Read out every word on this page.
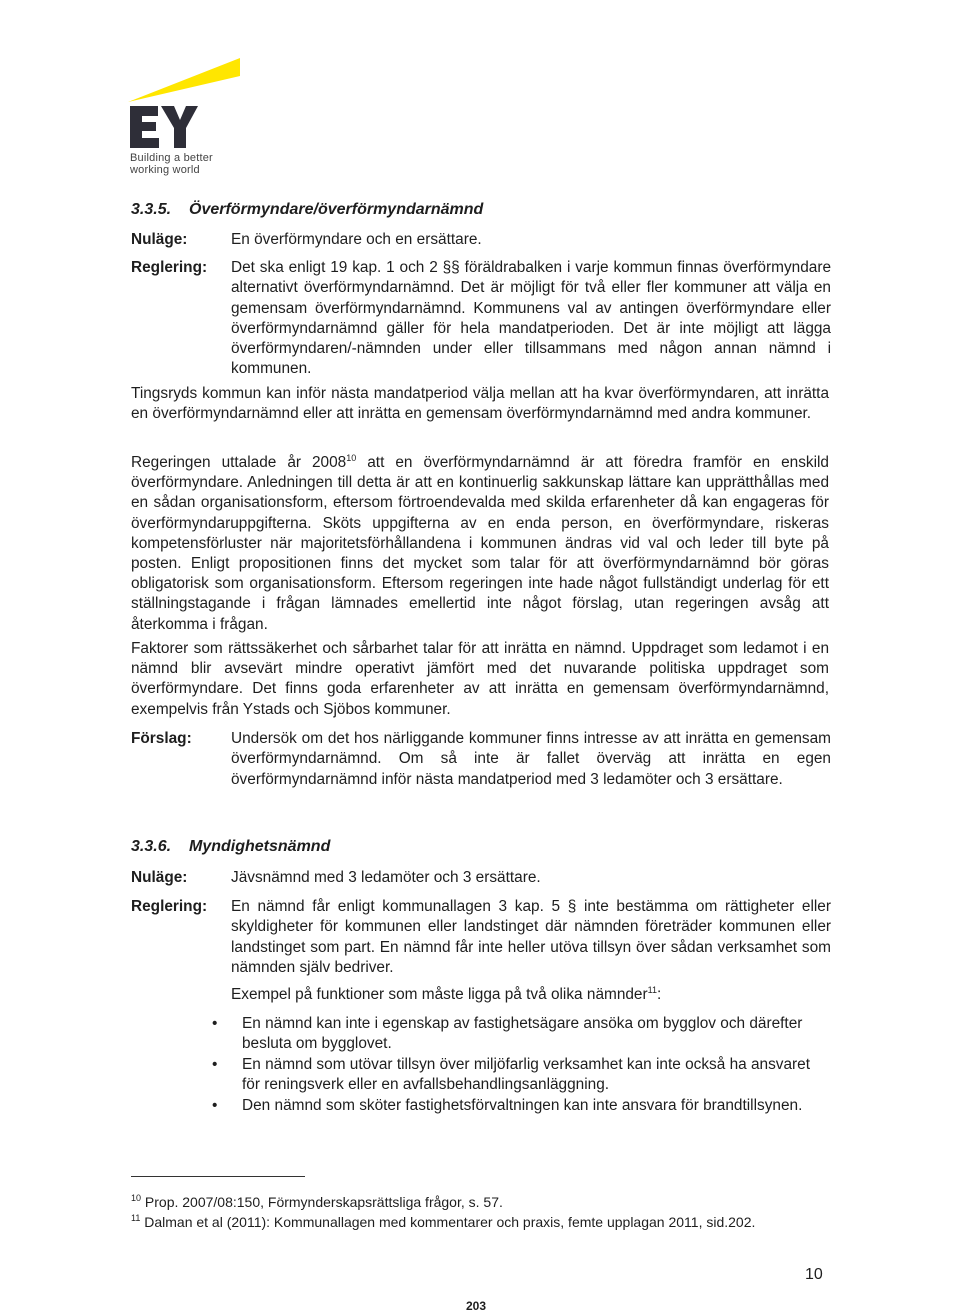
Building a better
working world
3.3.5. Överförmyndare/överförmyndarnämnd
Nuläge:	En överförmyndare och en ersättare.
Reglering: Det ska enligt 19 kap. 1 och 2 §§ föräldrabalken i varje kommun finnas överförmyndare alternativt överförmyndarnämnd. Det är möjligt för två eller fler kommuner att välja en gemensam överförmyndarnämnd. Kommunens val av antingen överförmyndare eller överförmyndarnämnd gäller för hela mandatperioden. Det är inte möjligt att lägga överförmyndaren/-nämnden under eller tillsammans med någon annan nämnd i kommunen.
Tingsryds kommun kan inför nästa mandatperiod välja mellan att ha kvar överförmyndaren, att inrätta en överförmyndarnämnd eller att inrätta en gemensam överförmyndarnämnd med andra kommuner.
Regeringen uttalade år 2008$^{10}$ att en överförmyndarnämnd är att föredra framför en enskild överförmyndare. Anledningen till detta är att en kontinuerlig sakkunskap lättare kan upprätthållas med en sådan organisationsform, eftersom förtroendevalda med skilda erfarenheter då kan engageras för överförmyndaruppgifterna. Sköts uppgifterna av en enda person, en överförmyndare, riskeras kompetensförluster när majoritetsförhållandena i kommunen ändras vid val och leder till byte på posten. Enligt propositionen finns det mycket som talar för att överförmyndarnämnd bör göras obligatorisk som organisationsform. Eftersom regeringen inte hade något fullständigt underlag för ett ställningstagande i frågan lämnades emellertid inte något förslag, utan regeringen avsåg att återkomma i frågan.
Faktorer som rättssäkerhet och sårbarhet talar för att inrätta en nämnd. Uppdraget som ledamot i en nämnd blir avsevärt mindre operativt jämfört med det nuvarande politiska uppdraget som överförmyndare. Det finns goda erfarenheter av att inrätta en gemensam överförmyndarnämnd, exempelvis från Ystads och Sjöbos kommuner.
Förslag:	Undersök om det hos närliggande kommuner finns intresse av att inrätta en gemensam överförmyndarnämnd. Om så inte är fallet överväg att inrätta en egen överförmyndarnämnd inför nästa mandatperiod med 3 ledamöter och 3 ersättare.
3.3.6. Myndighetsnämnd
Nuläge:	Jävsnämnd med 3 ledamöter och 3 ersättare.
Reglering: En nämnd får enligt kommunallagen 3 kap. 5 § inte bestämma om rättigheter eller skyldigheter för kommunen eller landstinget där nämnden företräder kommunen eller landstinget som part. En nämnd får inte heller utöva tillsyn över sådan verksamhet som nämnden själv bedriver.
Exempel på funktioner som måste ligga på två olika nämnder$^{11}$:
• En nämnd kan inte i egenskap av fastighetsägare ansöka om bygglov och därefter besluta om bygglovet.
• En nämnd som utövar tillsyn över miljöfarlig verksamhet kan inte också ha ansvaret för reningsverk eller en avfallsbehandlingsanläggning.
• Den nämnd som sköter fastighetsförvaltningen kan inte ansvara för brandtillsynen.
$^{10}$ Prop. 2007/08:150, Förmynderskapsrättsliga frågor, s. 57.
$^{11}$ Dalman et al (2011): Kommunallagen med kommentarer och praxis, femte upplagan 2011, sid.202.
10
203
